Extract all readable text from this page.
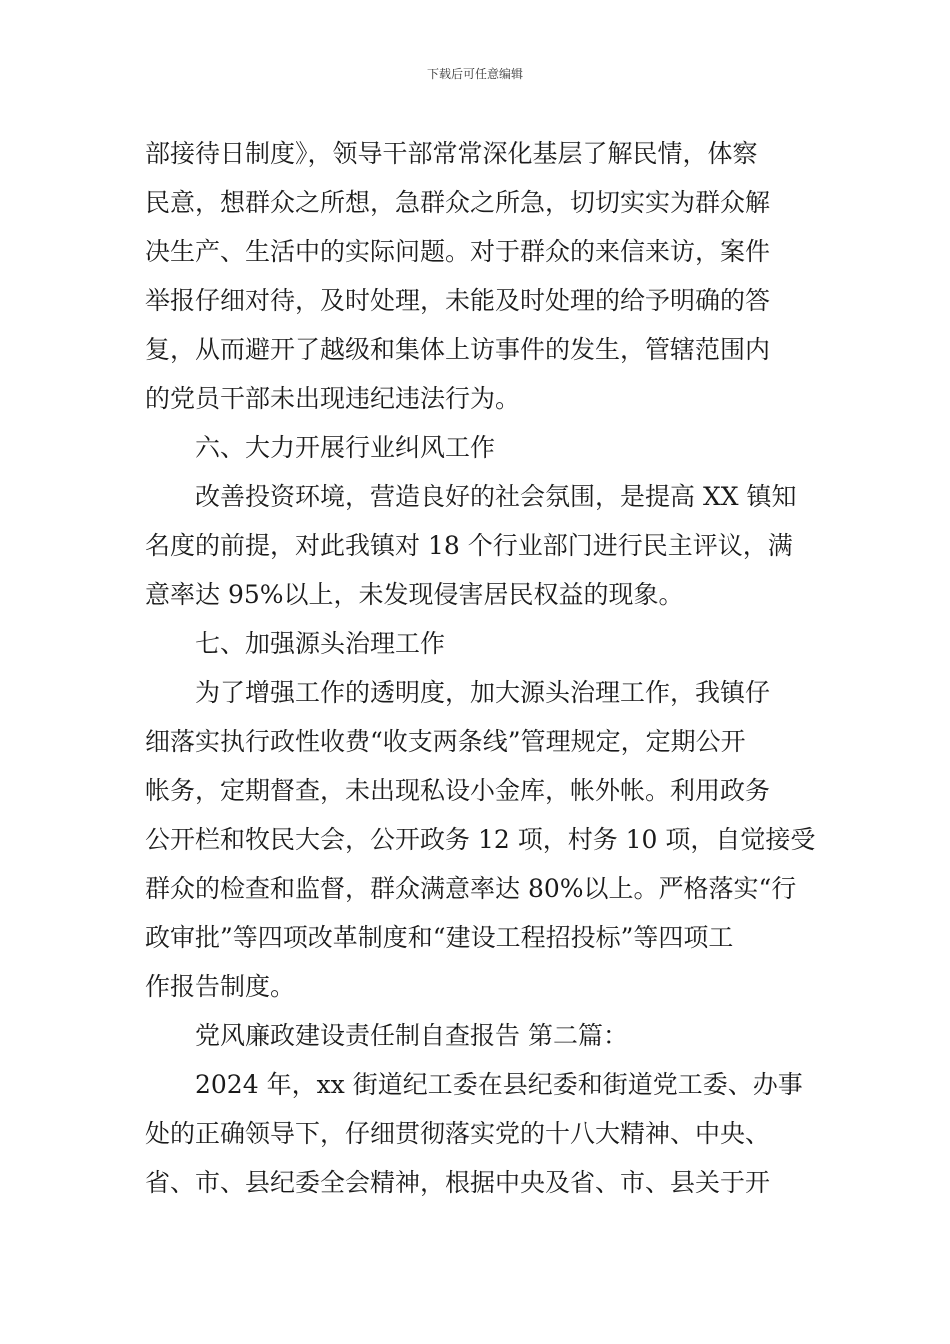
下载后可任意编辑
部接待日制度》，领导干部常常深化基层了解民情，体察
民意，想群众之所想，急群众之所急，切切实实为群众解
决生产、生活中的实际问题。对于群众的来信来访，案件
举报仔细对待，及时处理，未能及时处理的给予明确的答
复，从而避开了越级和集体上访事件的发生，管辖范围内
的党员干部未出现违纪违法行为。
六、大力开展行业纠风工作
改善投资环境，营造良好的社会氛围，是提高 XX 镇知
名度的前提，对此我镇对 18 个行业部门进行民主评议，满
意率达 95%以上，未发现侵害居民权益的现象。
七、加强源头治理工作
为了增强工作的透明度，加大源头治理工作，我镇仔
细落实执行政性收费“收支两条线”管理规定，定期公开
帐务，定期督查，未出现私设小金库，帐外帐。利用政务
公开栏和牧民大会，公开政务 12 项，村务 10 项，自觉接受
群众的检查和监督，群众满意率达 80%以上。严格落实“行
政审批”等四项改革制度和“建设工程招投标”等四项工
作报告制度。
党风廉政建设责任制自查报告 第二篇：
2024 年，xx 街道纪工委在县纪委和街道党工委、办事
处的正确领导下，仔细贯彻落实党的十八大精神、中央、
省、市、县纪委全会精神，根据中央及省、市、县关于开
